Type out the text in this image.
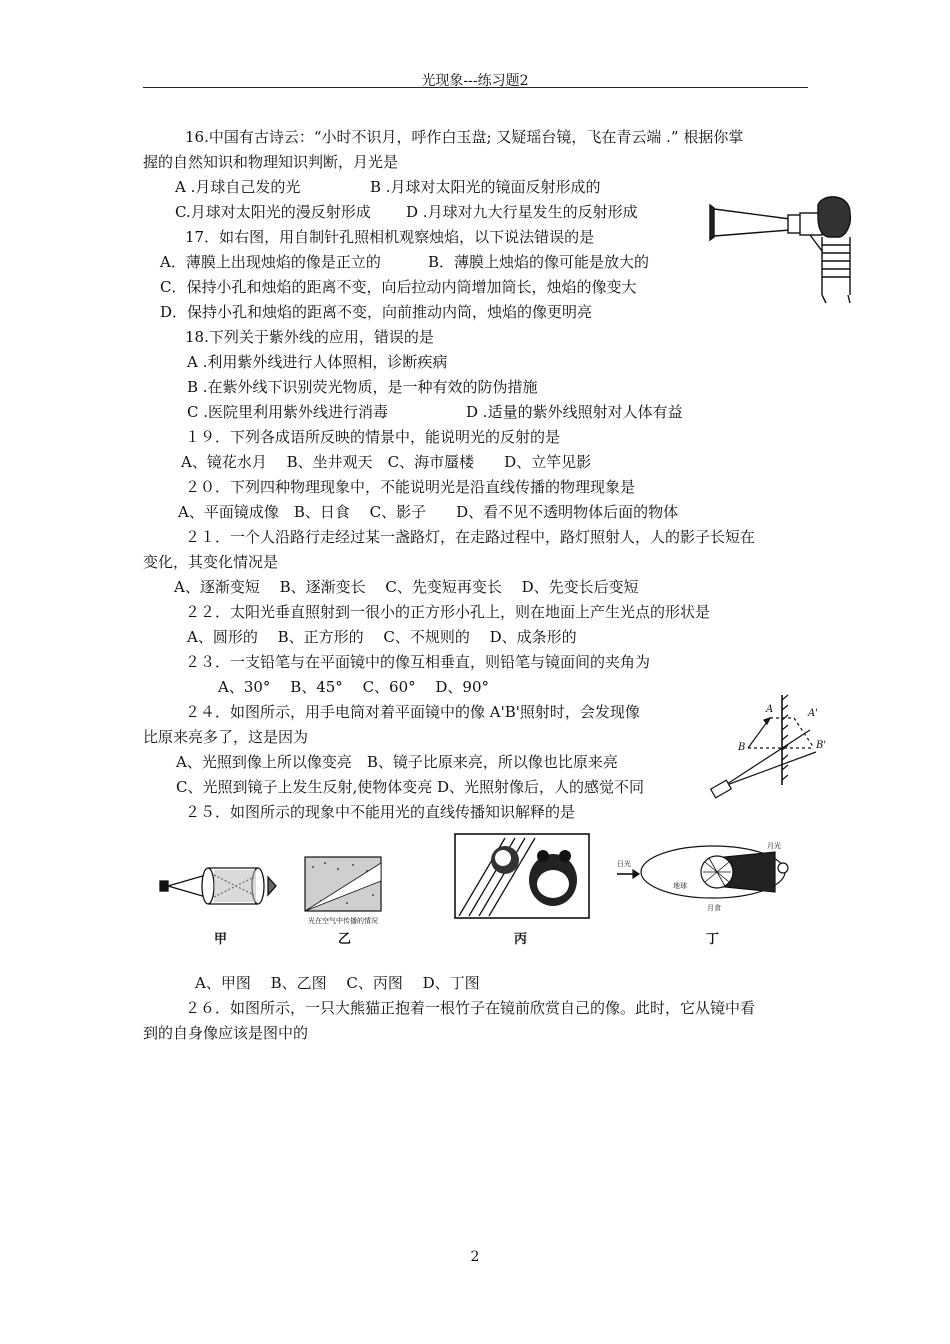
光现象---练习题2
16.中国有古诗云：“小时不识月，呼作白玉盘; 又疑瑶台镜，飞在青云端 .” 根据你掌
握的自然知识和物理知识判断，月光是
A .月球自己发的光	B .月球对太阳光的镜面反射形成的
C.月球对太阳光的漫反射形成 D .月球对九大行星发生的反射形成
17．如右图，用自制针孔照相机观察烛焰，以下说法错误的是
A．薄膜上出现烛焰的像是正立的	B．薄膜上烛焰的像可能是放大的
C．保持小孔和烛焰的距离不变，向后拉动内筒增加筒长，烛焰的像变大
D．保持小孔和烛焰的距离不变，向前推动内筒，烛焰的像更明亮
18.下列关于紫外线的应用，错误的是
A .利用紫外线进行人体照相，诊断疾病
B .在紫外线下识别荧光物质，是一种有效的防伪措施
C .医院里利用紫外线进行消毒	D .适量的紫外线照射对人体有益
１９．下列各成语所反映的情景中，能说明光的反射的是
A、镜花水月　 B、坐井观天　C、海市蜃楼　　D、立竿见影
２０．下列四种物理现象中，不能说明光是沿直线传播的物理现象是
A、平面镜成像　B、日食　 C、影子　　D、看不见不透明物体后面的物体
２１．一个人沿路行走经过某一盏路灯，在走路过程中，路灯照射人，人的影子长短在
变化，其变化情况是
A、逐渐变短　 B、逐渐变长　 C、先变短再变长　 D、先变长后变短
２２．太阳光垂直照射到一很小的正方形小孔上，则在地面上产生光点的形状是
A、圆形的　 B、正方形的　 C、不规则的　 D、成条形的
２３．一支铅笔与在平面镜中的像互相垂直，则铅笔与镜面间的夹角为
A、30°　 B、45°　 C、60°　 D、90°
２４．如图所示，用手电筒对着平面镜中的像 A'B'照射时，会发现像
比原来亮多了，这是因为
A、光照到像上所以像变亮　B、镜子比原来亮，所以像也比原来亮
C、光照到镜子上发生反射,使物体变亮 D、光照射像后，人的感觉不同
A
B
A'
B'
２５．如图所示的现象中不能用光的直线传播知识解释的是
甲
光在空气中传播的情况
乙	丙
日光
地球
月光
月食
丁
A、甲图　 B、乙图　 C、丙图　 D、丁图
２６．如图所示，一只大熊猫正抱着一根竹子在镜前欣赏自己的像。此时，它从镜中看
到的自身像应该是图中的
2
